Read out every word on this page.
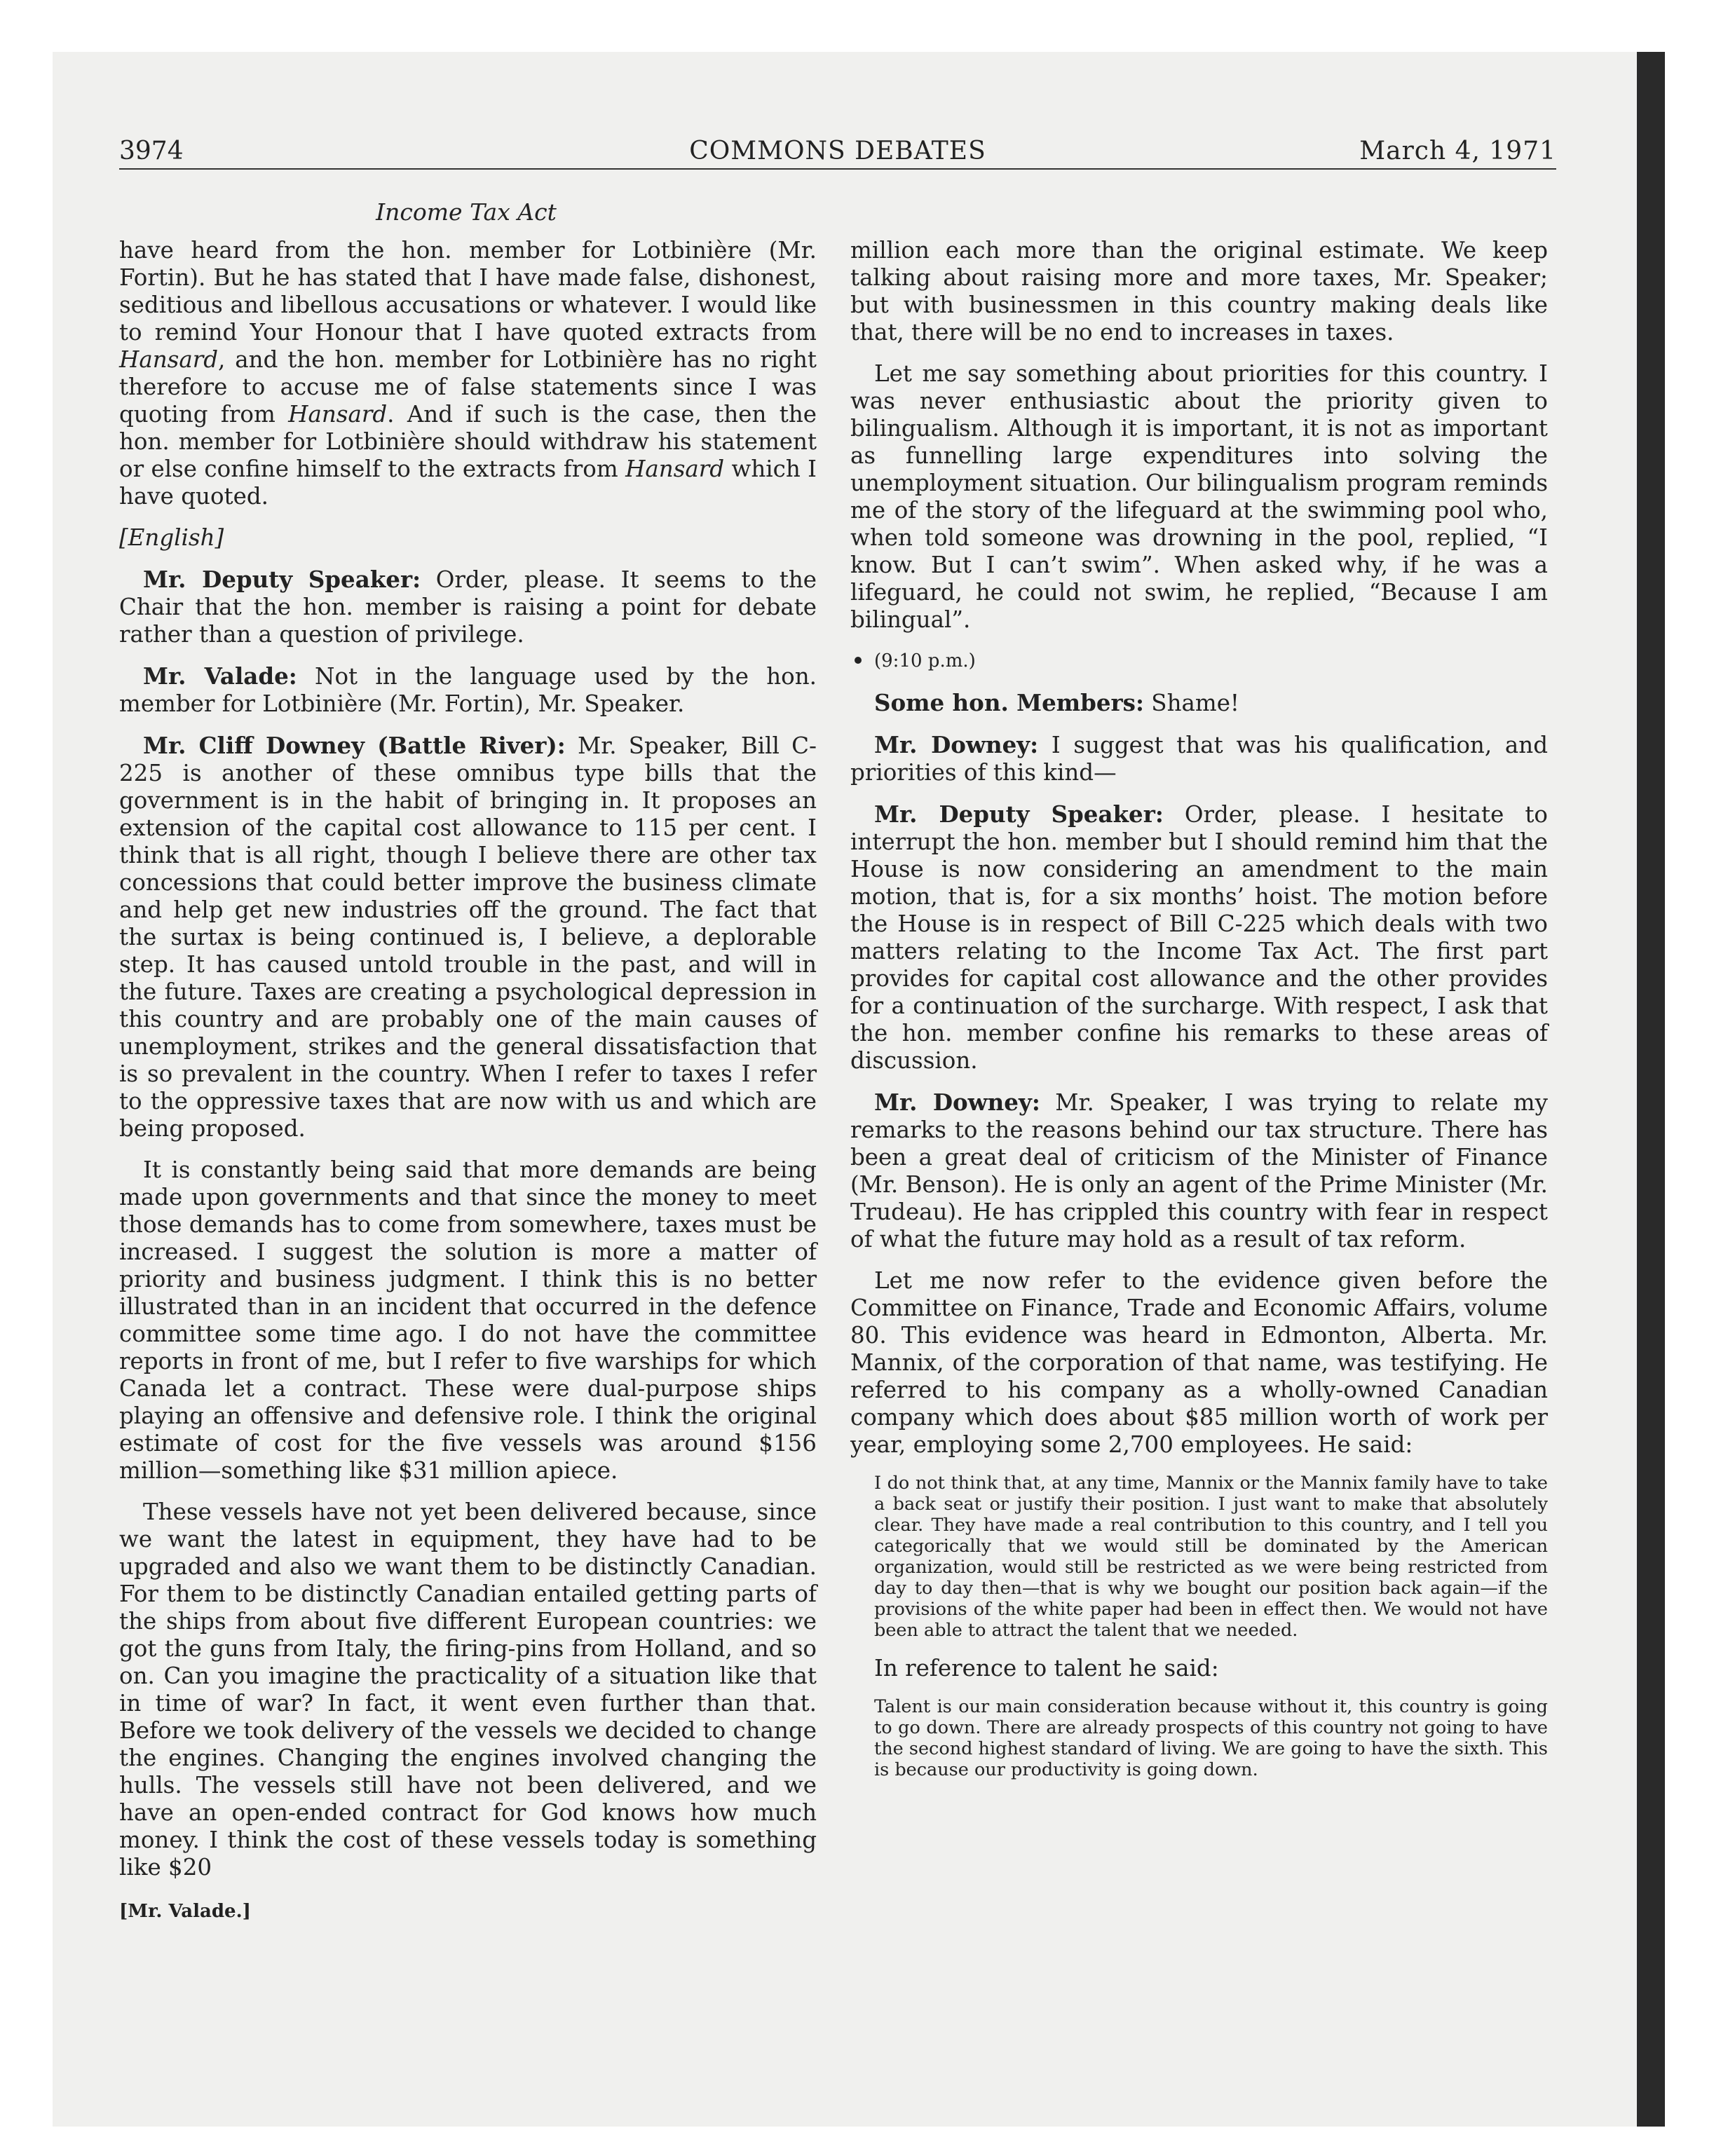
3974	COMMONS DEBATES	March 4, 1971
Income Tax Act

have heard from the hon. member for Lotbinière (Mr. Fortin). But he has stated that I have made false, dishonest, seditious and libellous accusations or whatever. I would like to remind Your Honour that I have quoted extracts from Hansard, and the hon. member for Lotbinière has no right therefore to accuse me of false statements since I was quoting from Hansard. And if such is the case, then the hon. member for Lotbinière should withdraw his statement or else confine himself to the extracts from Hansard which I have quoted.

[English]

Mr. Deputy Speaker: Order, please. It seems to the Chair that the hon. member is raising a point for debate rather than a question of privilege.

Mr. Valade: Not in the language used by the hon. member for Lotbinière (Mr. Fortin), Mr. Speaker.

Mr. Cliff Downey (Battle River): Mr. Speaker, Bill C-225 is another of these omnibus type bills that the government is in the habit of bringing in. It proposes an extension of the capital cost allowance to 115 per cent. I think that is all right, though I believe there are other tax concessions that could better improve the business climate and help get new industries off the ground. The fact that the surtax is being continued is, I believe, a deplorable step. It has caused untold trouble in the past, and will in the future. Taxes are creating a psychological depression in this country and are probably one of the main causes of unemployment, strikes and the general dissatisfaction that is so prevalent in the country. When I refer to taxes I refer to the oppressive taxes that are now with us and which are being proposed.

It is constantly being said that more demands are being made upon governments and that since the money to meet those demands has to come from somewhere, taxes must be increased. I suggest the solution is more a matter of priority and business judgment. I think this is no better illustrated than in an incident that occurred in the defence committee some time ago. I do not have the committee reports in front of me, but I refer to five warships for which Canada let a contract. These were dual-purpose ships playing an offensive and defensive role. I think the original estimate of cost for the five vessels was around $156 million—something like $31 million apiece.

These vessels have not yet been delivered because, since we want the latest in equipment, they have had to be upgraded and also we want them to be distinctly Canadian. For them to be distinctly Canadian entailed getting parts of the ships from about five different European countries: we got the guns from Italy, the firing-pins from Holland, and so on. Can you imagine the practicality of a situation like that in time of war? In fact, it went even further than that. Before we took delivery of the vessels we decided to change the engines. Changing the engines involved changing the hulls. The vessels still have not been delivered, and we have an open-ended contract for God knows how much money. I think the cost of these vessels today is something like $20

[Mr. Valade.]

million each more than the original estimate. We keep talking about raising more and more taxes, Mr. Speaker; but with businessmen in this country making deals like that, there will be no end to increases in taxes.

Let me say something about priorities for this country. I was never enthusiastic about the priority given to bilingualism. Although it is important, it is not as important as funnelling large expenditures into solving the unemployment situation. Our bilingualism program reminds me of the story of the lifeguard at the swimming pool who, when told someone was drowning in the pool, replied, “I know. But I can’t swim”. When asked why, if he was a lifeguard, he could not swim, he replied, “Because I am bilingual”.

(9:10 p.m.)

Some hon. Members: Shame!

Mr. Downey: I suggest that was his qualification, and priorities of this kind—

Mr. Deputy Speaker: Order, please. I hesitate to interrupt the hon. member but I should remind him that the House is now considering an amendment to the main motion, that is, for a six months’ hoist. The motion before the House is in respect of Bill C-225 which deals with two matters relating to the Income Tax Act. The first part provides for capital cost allowance and the other provides for a continuation of the surcharge. With respect, I ask that the hon. member confine his remarks to these areas of discussion.

Mr. Downey: Mr. Speaker, I was trying to relate my remarks to the reasons behind our tax structure. There has been a great deal of criticism of the Minister of Finance (Mr. Benson). He is only an agent of the Prime Minister (Mr. Trudeau). He has crippled this country with fear in respect of what the future may hold as a result of tax reform.

Let me now refer to the evidence given before the Committee on Finance, Trade and Economic Affairs, volume 80. This evidence was heard in Edmonton, Alberta. Mr. Mannix, of the corporation of that name, was testifying. He referred to his company as a wholly-owned Canadian company which does about $85 million worth of work per year, employing some 2,700 employees. He said:

I do not think that, at any time, Mannix or the Mannix family have to take a back seat or justify their position. I just want to make that absolutely clear. They have made a real contribution to this country, and I tell you categorically that we would still be dominated by the American organization, would still be restricted as we were being restricted from day to day then—that is why we bought our position back again—if the provisions of the white paper had been in effect then. We would not have been able to attract the talent that we needed.

In reference to talent he said:

Talent is our main consideration because without it, this country is going to go down. There are already prospects of this country not going to have the second highest standard of living. We are going to have the sixth. This is because our productivity is going down.
